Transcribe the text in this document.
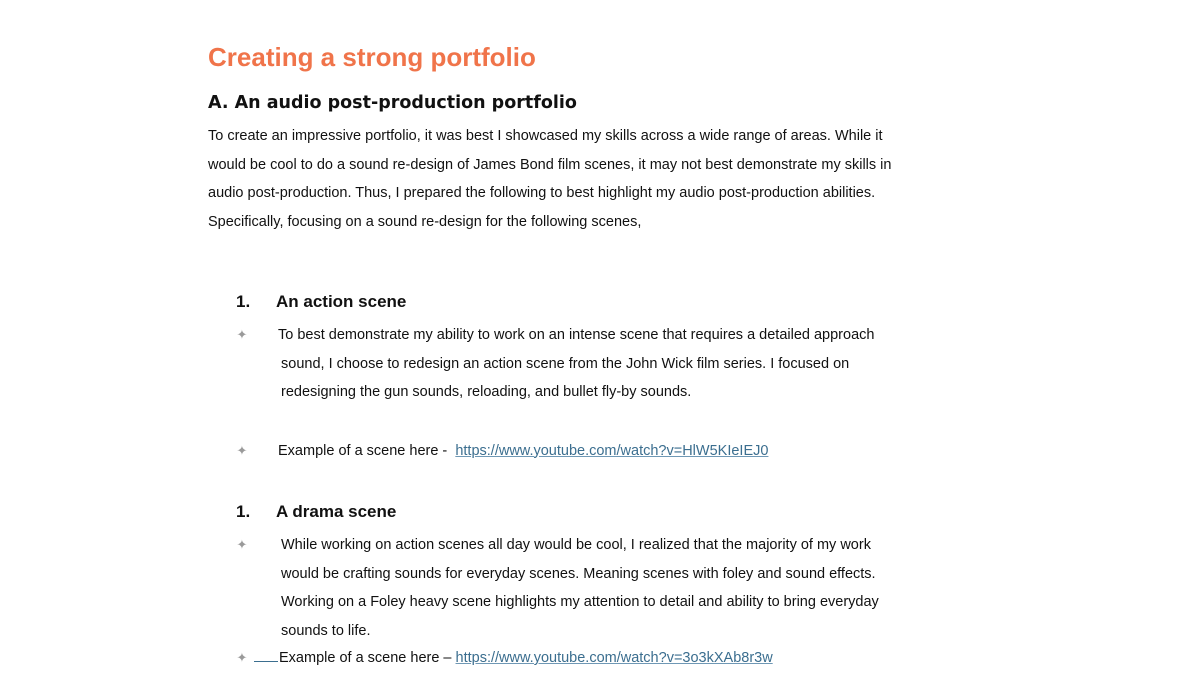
Creating a strong portfolio
A. An audio post-production portfolio
To create an impressive portfolio, it was best I showcased my skills across a wide range of areas. While it
would be cool to do a sound re-design of James Bond film scenes, it may not best demonstrate my skills in
audio post-production. Thus, I prepared the following to best highlight my audio post-production abilities.
Specifically, focusing on a sound re-design for the following scenes,
1.	An action scene
✦ To best demonstrate my ability to work on an intense scene that requires a detailed approach
sound, I choose to redesign an action scene from the John Wick film series. I focused on
redesigning the gun sounds, reloading, and bullet fly-by sounds.
✦ Example of a scene here - https://www.youtube.com/watch?v=HlW5KIeIEJ0
1.	A drama scene
✦ While working on action scenes all day would be cool, I realized that the majority of my work
would be crafting sounds for everyday scenes. Meaning scenes with foley and sound effects.
Working on a Foley heavy scene highlights my attention to detail and ability to bring everyday
sounds to life.
✦	Example of a scene here – https://www.youtube.com/watch?v=3o3kXAb8r3w
